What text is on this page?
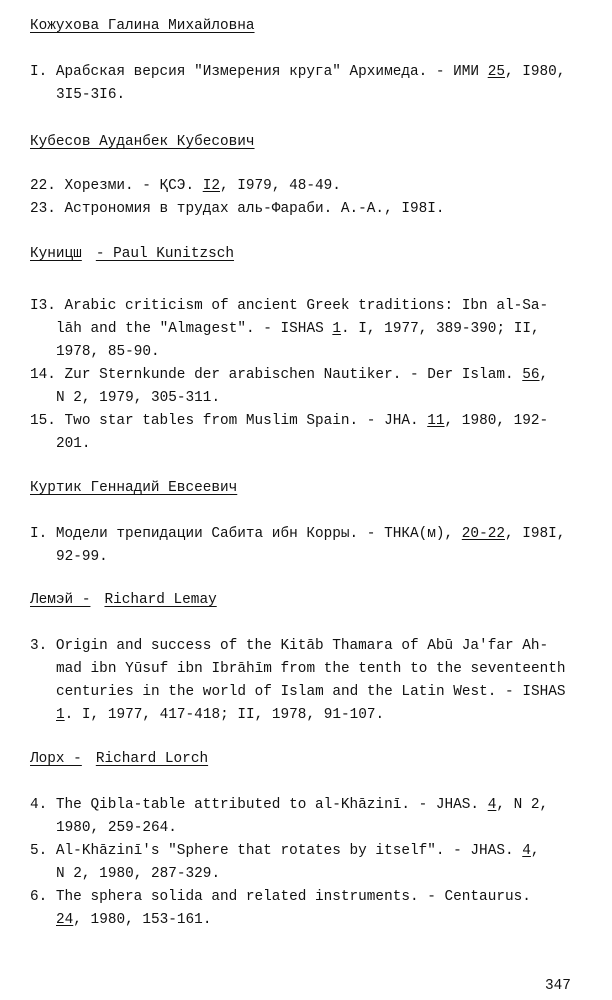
Кожухова Галина Михайловна
I. Арабская версия "Измерения круга" Архимеда. - ИМИ 25, I980,
3I5-3I6.
Кубесов Ауданбек Кубесович
22. Хорезми. - ҚСЭ. I2, I979, 48-49.
23. Астрономия в трудах аль-Фараби. А.-А., I98I.
Куницш - Paul Kunitzsch
I3. Arabic criticism of ancient Greek traditions: Ibn al-Sa-
lāh and the "Almagest". - ISHAS 1. I, 1977, 389-390; II,
1978, 85-90.
14. Zur Sternkunde der arabischen Nautiker. - Der Islam. 56,
N 2, 1979, 305-311.
15. Two star tables from Muslim Spain. - JHA. 11, 1980, 192-
201.
Куртик Геннадий Евсеевич
I. Модели трепидации Сабита ибн Корры. - ТНКА(м), 20-22, I98I,
92-99.
Лемэй - Richard Lemay
3. Origin and success of the Kitāb Thamara of Abū Ja'far Ah-
mad ibn Yūsuf ibn Ibrāhīm from the tenth to the seventeenth
centuries in the world of Islam and the Latin West. - ISHAS
1. I, 1977, 417-418; II, 1978, 91-107.
Лорх - Richard Lorch
4. The Qibla-table attributed to al-Khāzinī. - JHAS. 4, N 2,
1980, 259-264.
5. Al-Khāzinī's "Sphere that rotates by itself". - JHAS. 4,
N 2, 1980, 287-329.
6. The sphera solida and related instruments. - Centaurus.
24, 1980, 153-161.
347
